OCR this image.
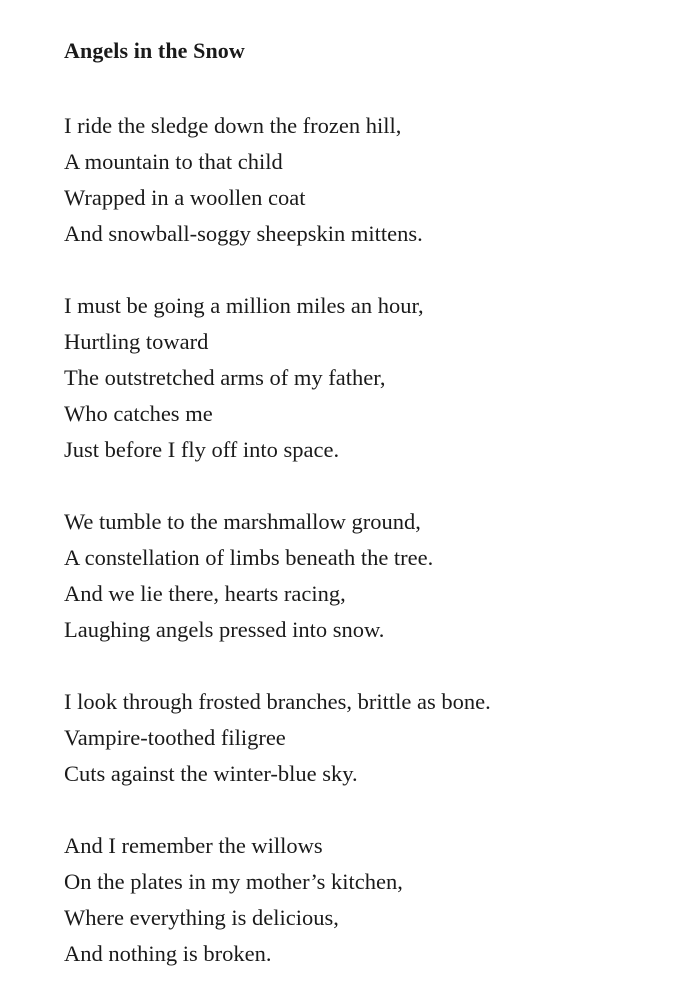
Angels in the Snow
I ride the sledge down the frozen hill,
A mountain to that child
Wrapped in a woollen coat
And snowball-soggy sheepskin mittens.
I must be going a million miles an hour,
Hurtling toward
The outstretched arms of my father,
Who catches me
Just before I fly off into space.
We tumble to the marshmallow ground,
A constellation of limbs beneath the tree.
And we lie there, hearts racing,
Laughing angels pressed into snow.
I look through frosted branches, brittle as bone.
Vampire-toothed filigree
Cuts against the winter-blue sky.
And I remember the willows
On the plates in my mother’s kitchen,
Where everything is delicious,
And nothing is broken.
